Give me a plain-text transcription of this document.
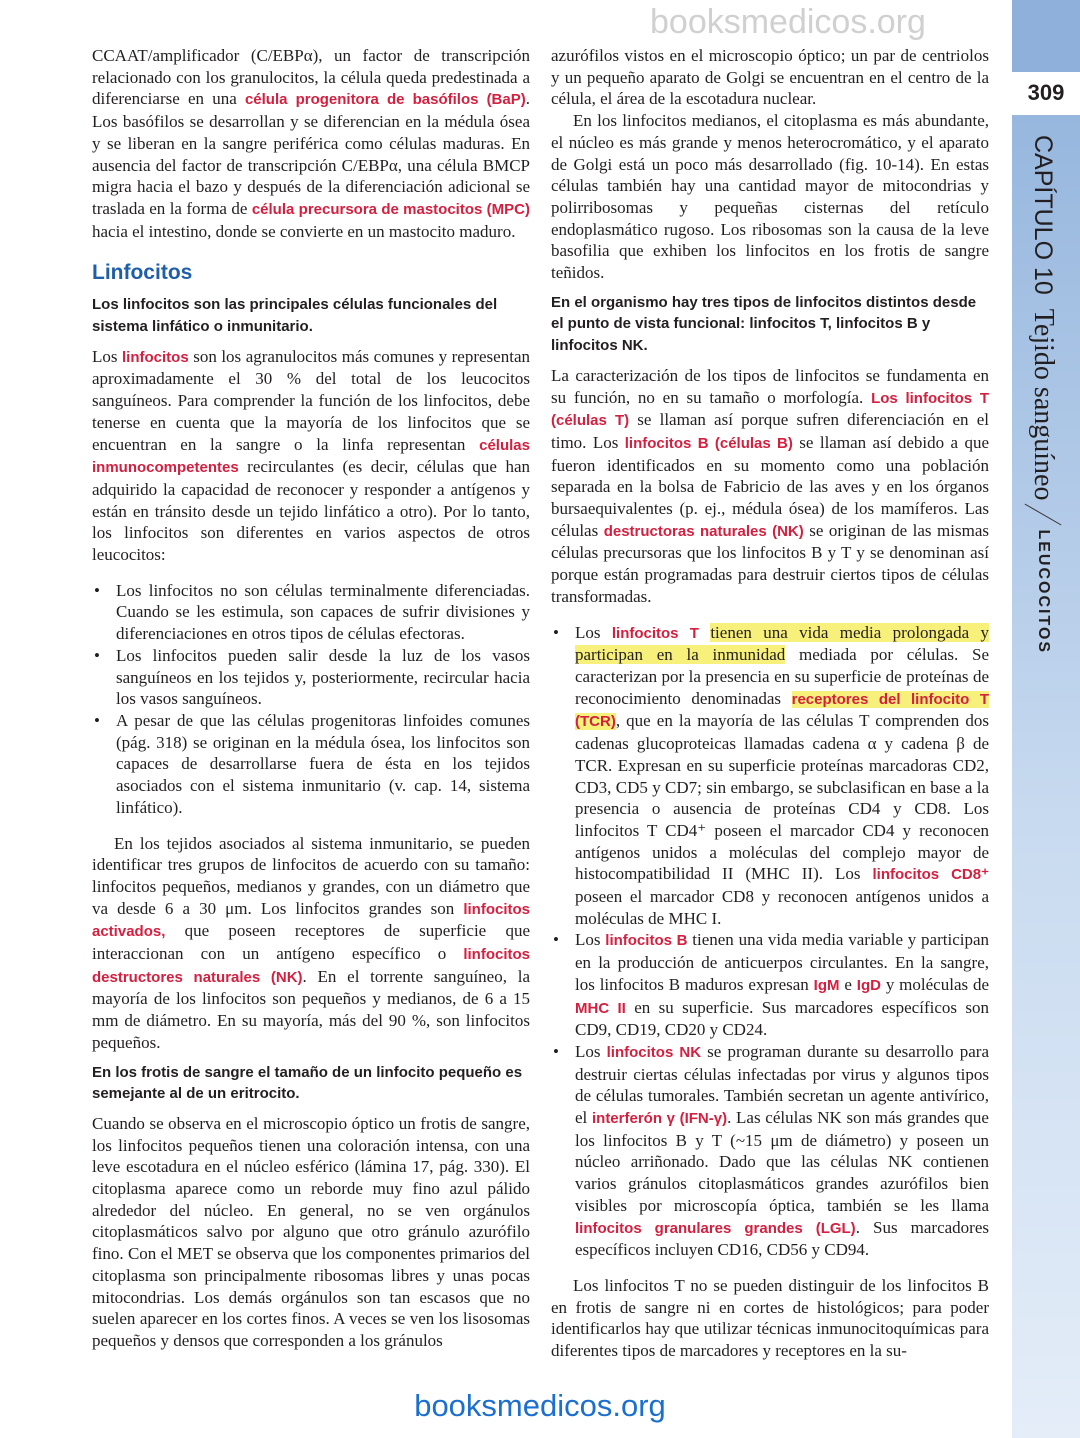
309
CAPÍTULO 10
Tejido sanguíneo
LEUCOCITOS
booksmedicos.org
CCAAT/amplificador (C/EBPα), un factor de transcripción relacionado con los granulocitos, la célula queda predestinada a diferenciarse en una célula progenitora de basófilos (BaP). Los basófilos se desarrollan y se diferencian en la médula ósea y se liberan en la sangre periférica como células maduras. En ausencia del factor de transcripción C/EBPα, una célula BMCP migra hacia el bazo y después de la diferenciación adicional se traslada en la forma de célula precursora de mastocitos (MPC) hacia el intestino, donde se convierte en un mastocito maduro.
Linfocitos
Los linfocitos son las principales células funcionales del sistema linfático o inmunitario.
Los linfocitos son los agranulocitos más comunes y representan aproximadamente el 30 % del total de los leucocitos sanguíneos. Para comprender la función de los linfocitos, debe tenerse en cuenta que la mayoría de los linfocitos que se encuentran en la sangre o la linfa representan células inmunocompetentes recirculantes (es decir, células que han adquirido la capacidad de reconocer y responder a antígenos y están en tránsito desde un tejido linfático a otro). Por lo tanto, los linfocitos son diferentes en varios aspectos de otros leucocitos:
• Los linfocitos no son células terminalmente diferenciadas. Cuando se les estimula, son capaces de sufrir divisiones y diferenciaciones en otros tipos de células efectoras.
• Los linfocitos pueden salir desde la luz de los vasos sanguíneos en los tejidos y, posteriormente, recircular hacia los vasos sanguíneos.
• A pesar de que las células progenitoras linfoides comunes (pág. 318) se originan en la médula ósea, los linfocitos son capaces de desarrollarse fuera de ésta en los tejidos asociados con el sistema inmunitario (v. cap. 14, sistema linfático).
En los tejidos asociados al sistema inmunitario, se pueden identificar tres grupos de linfocitos de acuerdo con su tamaño: linfocitos pequeños, medianos y grandes, con un diámetro que va desde 6 a 30 μm. Los linfocitos grandes son linfocitos activados, que poseen receptores de superficie que interaccionan con un antígeno específico o linfocitos destructores naturales (NK). En el torrente sanguíneo, la mayoría de los linfocitos son pequeños y medianos, de 6 a 15 mm de diámetro. En su mayoría, más del 90 %, son linfocitos pequeños.
En los frotis de sangre el tamaño de un linfocito pequeño es semejante al de un eritrocito.
Cuando se observa en el microscopio óptico un frotis de sangre, los linfocitos pequeños tienen una coloración intensa, con una leve escotadura en el núcleo esférico (lámina 17, pág. 330). El citoplasma aparece como un reborde muy fino azul pálido alrededor del núcleo. En general, no se ven orgánulos citoplasmáticos salvo por alguno que otro gránulo azurófilo fino. Con el MET se observa que los componentes primarios del citoplasma son principalmente ribosomas libres y unas pocas mitocondrias. Los demás orgánulos son tan escasos que no suelen aparecer en los cortes finos. A veces se ven los lisosomas pequeños y densos que corresponden a los gránulos
azurófilos vistos en el microscopio óptico; un par de centriolos y un pequeño aparato de Golgi se encuentran en el centro de la célula, el área de la escotadura nuclear.
En los linfocitos medianos, el citoplasma es más abundante, el núcleo es más grande y menos heterocromático, y el aparato de Golgi está un poco más desarrollado (fig. 10-14). En estas células también hay una cantidad mayor de mitocondrias y polirribosomas y pequeñas cisternas del retículo endoplasmático rugoso. Los ribosomas son la causa de la leve basofilia que exhiben los linfocitos en los frotis de sangre teñidos.
En el organismo hay tres tipos de linfocitos distintos desde el punto de vista funcional: linfocitos T, linfocitos B y linfocitos NK.
La caracterización de los tipos de linfocitos se fundamenta en su función, no en su tamaño o morfología. Los linfocitos T (células T) se llaman así porque sufren diferenciación en el timo. Los linfocitos B (células B) se llaman así debido a que fueron identificados en su momento como una población separada en la bolsa de Fabricio de las aves y en los órganos bursaequivalentes (p. ej., médula ósea) de los mamíferos. Las células destructoras naturales (NK) se originan de las mismas células precursoras que los linfocitos B y T y se denominan así porque están programadas para destruir ciertos tipos de células transformadas.
• Los linfocitos T tienen una vida media prolongada y participan en la inmunidad mediada por células. Se caracterizan por la presencia en su superficie de proteínas de reconocimiento denominadas receptores del linfocito T (TCR), que en la mayoría de las células T comprenden dos cadenas glucoproteicas llamadas cadena α y cadena β de TCR. Expresan en su superficie proteínas marcadoras CD2, CD3, CD5 y CD7; sin embargo, se subclasifican en base a la presencia o ausencia de proteínas CD4 y CD8. Los linfocitos T CD4⁺ poseen el marcador CD4 y reconocen antígenos unidos a moléculas del complejo mayor de histocompatibilidad II (MHC II). Los linfocitos CD8⁺ poseen el marcador CD8 y reconocen antígenos unidos a moléculas de MHC I.
• Los linfocitos B tienen una vida media variable y participan en la producción de anticuerpos circulantes. En la sangre, los linfocitos B maduros expresan IgM e IgD y moléculas de MHC II en su superficie. Sus marcadores específicos son CD9, CD19, CD20 y CD24.
• Los linfocitos NK se programan durante su desarrollo para destruir ciertas células infectadas por virus y algunos tipos de células tumorales. También secretan un agente antivírico, el interferón γ (IFN-γ). Las células NK son más grandes que los linfocitos B y T (~15 μm de diámetro) y poseen un núcleo arriñonado. Dado que las células NK contienen varios gránulos citoplasmáticos grandes azurófilos bien visibles por microscopía óptica, también se les llama linfocitos granulares grandes (LGL). Sus marcadores específicos incluyen CD16, CD56 y CD94.
Los linfocitos T no se pueden distinguir de los linfocitos B en frotis de sangre ni en cortes de histológicos; para poder identificarlos hay que utilizar técnicas inmunocitoquímicas para diferentes tipos de marcadores y receptores en la su-
booksmedicos.org
